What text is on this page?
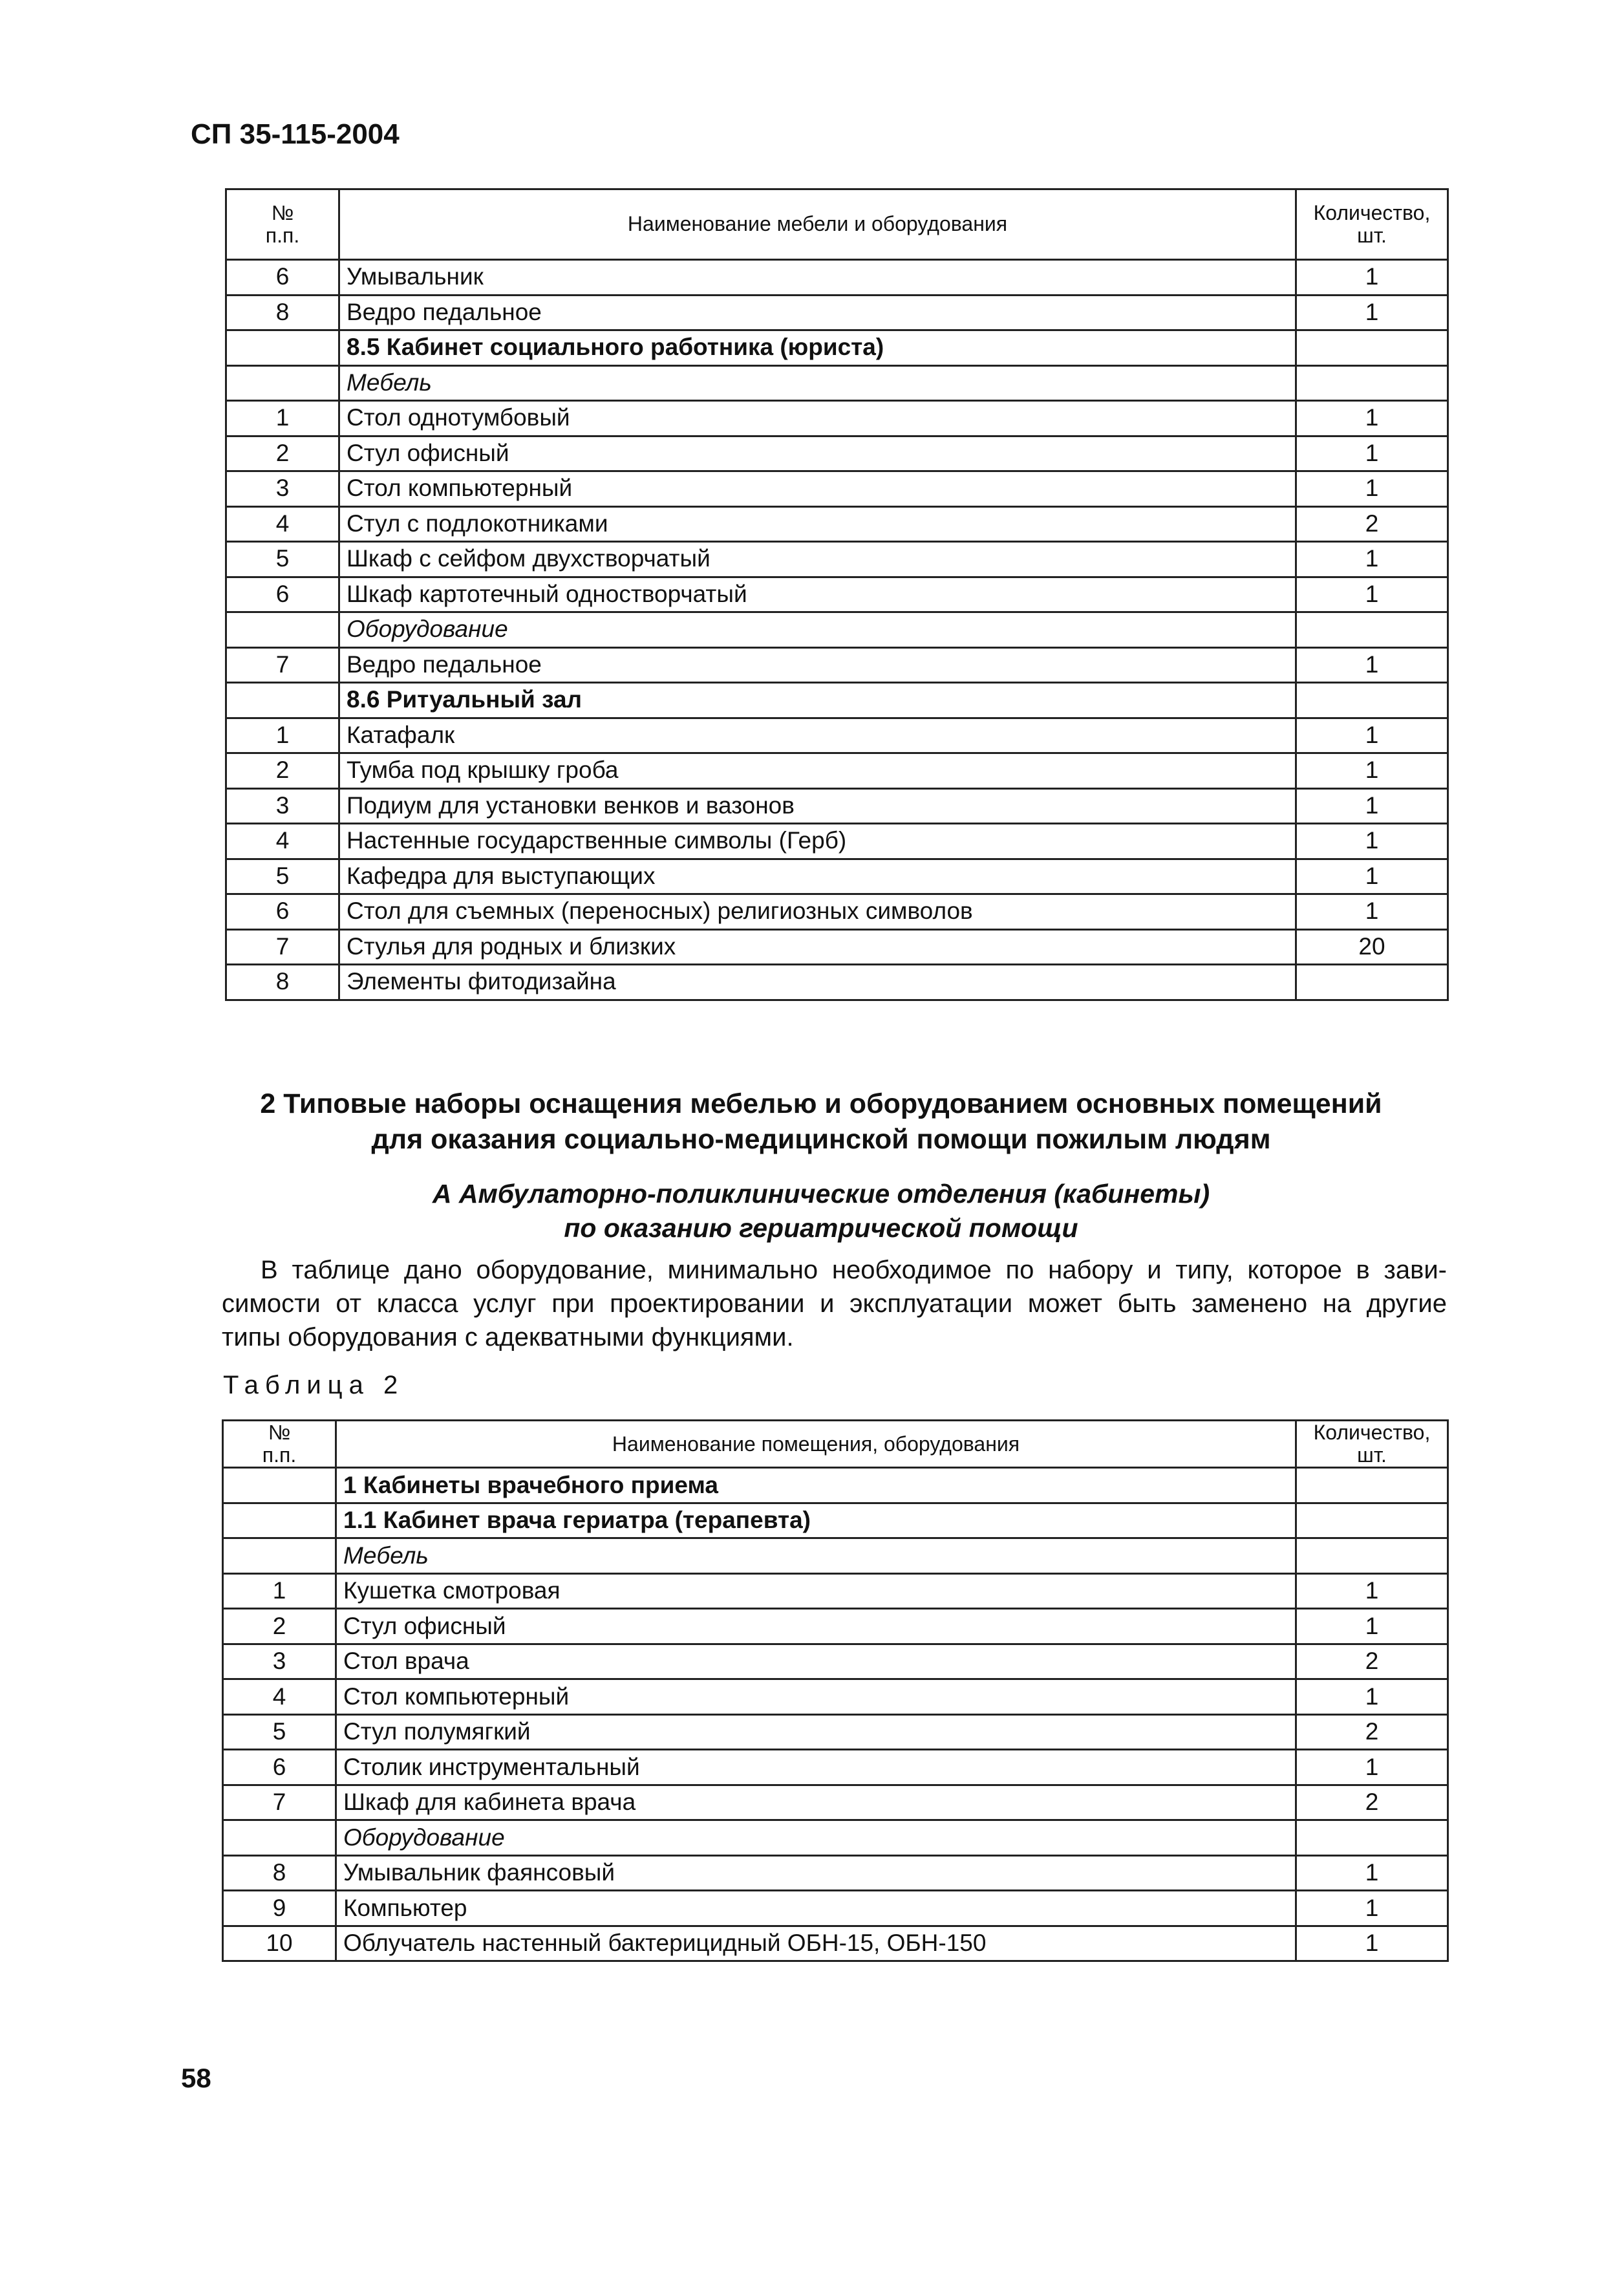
СП 35-115-2004
№
п.п.	Наименование мебели и оборудования	Количество,
шт.
6	Умывальник	1
8	Ведро педальное	1
	8.5 Кабинет социального работника (юриста)	
	Мебель	
1	Стол однотумбовый	1
2	Стул офисный	1
3	Стол компьютерный	1
4	Стул с подлокотниками	2
5	Шкаф с сейфом двухстворчатый	1
6	Шкаф картотечный одностворчатый	1
	Оборудование	
7	Ведро педальное	1
	8.6 Ритуальный зал	
1	Катафалк	1
2	Тумба под крышку гроба	1
3	Подиум для установки венков и вазонов	1
4	Настенные государственные символы (Герб)	1
5	Кафедра для выступающих	1
6	Стол для съемных (переносных) религиозных символов	1
7	Стулья для родных и близких	20
8	Элементы фитодизайна	
2 Типовые наборы оснащения мебелью и оборудованием основных помещений
для оказания социально-медицинской помощи пожилым людям
А Амбулаторно-поликлинические отделения (кабинеты)
по оказанию гериатрической помощи
В таблице дано оборудование, минимально необходимое по набору и типу, которое в зави-
симости от класса услуг при проектировании и эксплуатации может быть заменено на другие
типы оборудования с адекватными функциями.
Таблица 2
№
п.п.	Наименование помещения, оборудования	Количество,
шт.
	1 Кабинеты врачебного приема	
	1.1 Кабинет врача гериатра (терапевта)	
	Мебель	
1	Кушетка смотровая	1
2	Стул офисный	1
3	Стол врача	2
4	Стол компьютерный	1
5	Стул полумягкий	2
6	Столик инструментальный	1
7	Шкаф для кабинета врача	2
	Оборудование	
8	Умывальник фаянсовый	1
9	Компьютер	1
10	Облучатель настенный бактерицидный ОБН-15, ОБН-150	1
58
